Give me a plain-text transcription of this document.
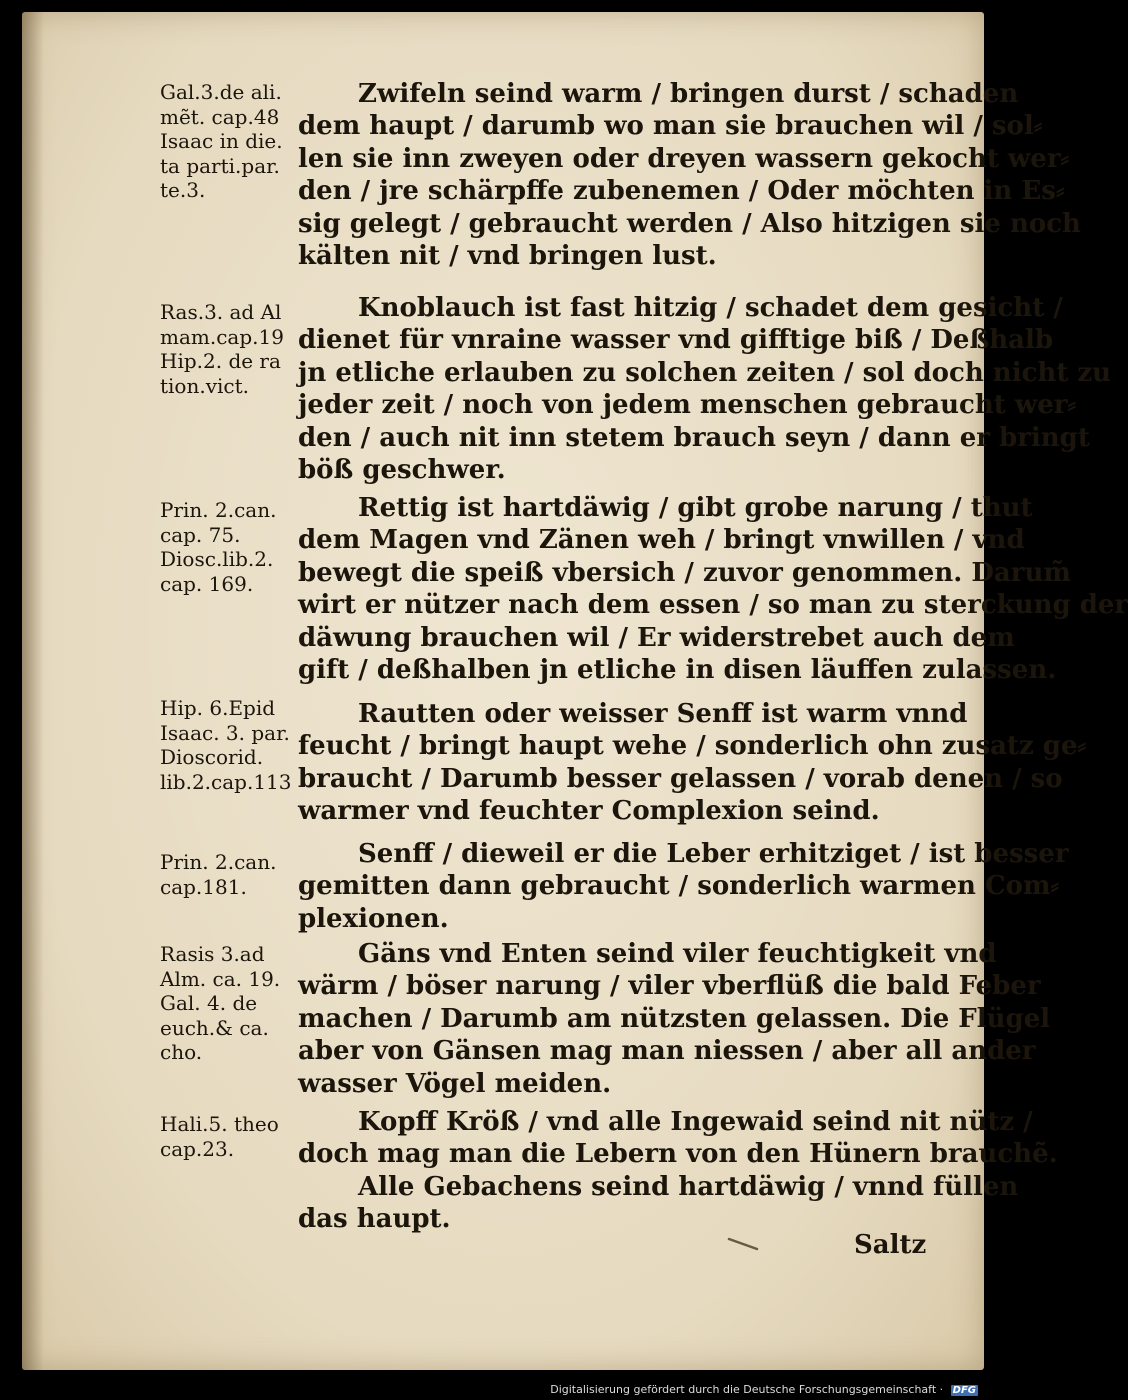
Gal.3.de ali.
mẽt. cap.48
Isaac in die.
ta parti.par.
te.3.
Zwifeln seind warm / bringen durst / schaden
dem haupt / darumb wo man sie brauchen wil / sol⸗
len sie inn zweyen oder dreyen wassern gekocht wer⸗
den / jre schärpffe zubenemen / Oder möchten in Es⸗
sig gelegt / gebraucht werden / Also hitzigen sie noch
kälten nit / vnd bringen lust.
Ras.3. ad Al
mam.cap.19
Hip.2. de ra
tion.vict.
Knoblauch ist fast hitzig / schadet dem gesicht /
dienet für vnraine wasser vnd gifftige biß / Deßhalb
jn etliche erlauben zu solchen zeiten / sol doch nicht zu
jeder zeit / noch von jedem menschen gebraucht wer⸗
den / auch nit inn stetem brauch seyn / dann er bringt
böß geschwer.
Prin. 2.can.
cap. 75.
Diosc.lib.2.
cap. 169.
Rettig ist hartdäwig / gibt grobe narung / thut
dem Magen vnd Zänen weh / bringt vnwillen / vnd
bewegt die speiß vbersich / zuvor genommen. Darum̃
wirt er nützer nach dem essen / so man zu sterckung der
däwung brauchen wil / Er widerstrebet auch dem
gift / deßhalben jn etliche in disen läuffen zulassen.
Hip. 6.Epid
Isaac. 3. par.
Dioscorid.
lib.2.cap.113
Rautten oder weisser Senff ist warm vnnd
feucht / bringt haupt wehe / sonderlich ohn zusatz ge⸗
braucht / Darumb besser gelassen / vorab denen / so
warmer vnd feuchter Complexion seind.
Prin. 2.can.
cap.181.
Senff / dieweil er die Leber erhitziget / ist besser
gemitten dann gebraucht / sonderlich warmen Com⸗
plexionen.
Rasis 3.ad
Alm. ca. 19.
Gal. 4. de
euch.& ca.
cho.
Gäns vnd Enten seind viler feuchtigkeit vnd
wärm / böser narung / viler vberflüß die bald Feber
machen / Darumb am nützsten gelassen. Die Flügel
aber von Gänsen mag man niessen / aber all ander
wasser Vögel meiden.
Hali.5. theo
cap.23.
Kopff Kröß / vnd alle Ingewaid seind nit nütz /
doch mag man die Lebern von den Hünern brauchẽ.
Alle Gebachens seind hartdäwig / vnnd füllen
das haupt.
Saltz
Digitalisierung gefördert durch die Deutsche Forschungsgemeinschaft · DFG
